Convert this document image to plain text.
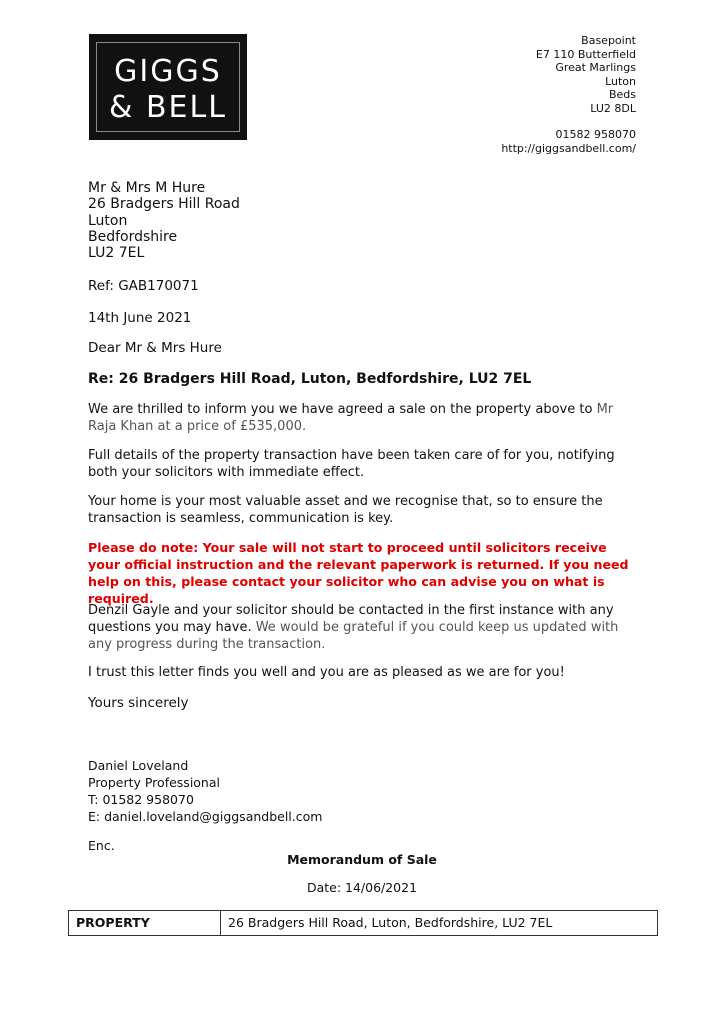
GIGGS
& BELL
Basepoint
E7 110 Butterfield
Great Marlings
Luton
Beds
LU2 8DL
01582 958070
http://giggsandbell.com/
Mr & Mrs M Hure
26 Bradgers Hill Road
Luton
Bedfordshire
LU2 7EL
Ref: GAB170071
14th June 2021
Dear Mr & Mrs Hure
Re: 26 Bradgers Hill Road, Luton, Bedfordshire, LU2 7EL
We are thrilled to inform you we have agreed a sale on the property above to Mr Raja Khan at a price of £535,000.
Full details of the property transaction have been taken care of for you, notifying both your solicitors with immediate effect.
Your home is your most valuable asset and we recognise that, so to ensure the transaction is seamless, communication is key.
Please do note: Your sale will not start to proceed until solicitors receive your official instruction and the relevant paperwork is returned. If you need help on this, please contact your solicitor who can advise you on what is required.
Denzil Gayle and your solicitor should be contacted in the first instance with any questions you may have. We would be grateful if you could keep us updated with any progress during the transaction.
I trust this letter finds you well and you are as pleased as we are for you!
Yours sincerely
Daniel Loveland
Property Professional
T: 01582 958070
E: daniel.loveland@giggsandbell.com
Enc.
Memorandum of Sale
Date: 14/06/2021
PROPERTY	26 Bradgers Hill Road, Luton, Bedfordshire, LU2 7EL
